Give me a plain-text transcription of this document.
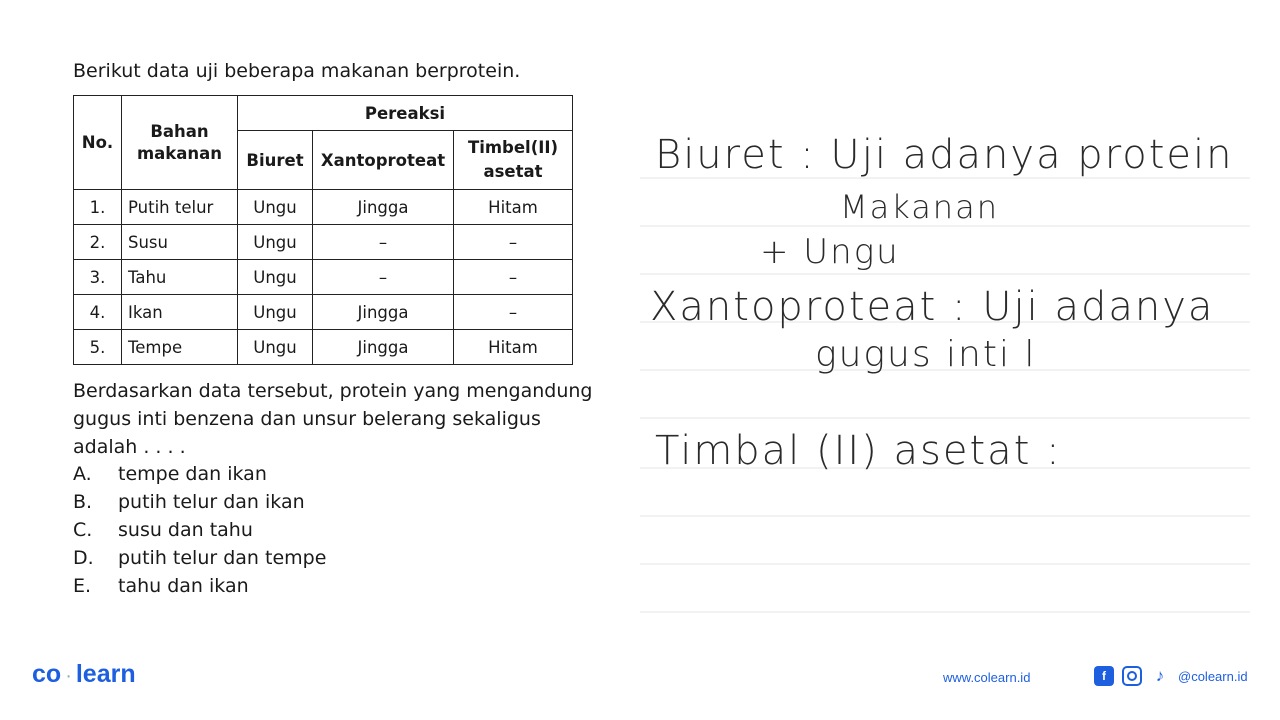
Berikut data uji beberapa makanan berprotein.
No.	Bahan makanan	Pereaksi		
		Biuret	Xantoproteat	Timbel(II) asetat
1.	Putih telur	Ungu	Jingga	Hitam
2.	Susu	Ungu	–	–
3.	Tahu	Ungu	–	–
4.	Ikan	Ungu	Jingga	–
5.	Tempe	Ungu	Jingga	Hitam
Berdasarkan data tersebut, protein yang mengandung gugus inti benzena dan unsur belerang sekaligus adalah . . . .
A.	tempe dan ikan
B.	putih telur dan ikan
C.	susu dan tahu
D.	putih telur dan tempe
E.	tahu dan ikan
Biuret : Uji adanya protein
Makanan
+ Ungu
Xantoproteat : Uji adanya
gugus inti l
Timbal (II) asetat :
co · learn	www.colearn.id	f	♪	@colearn.id
